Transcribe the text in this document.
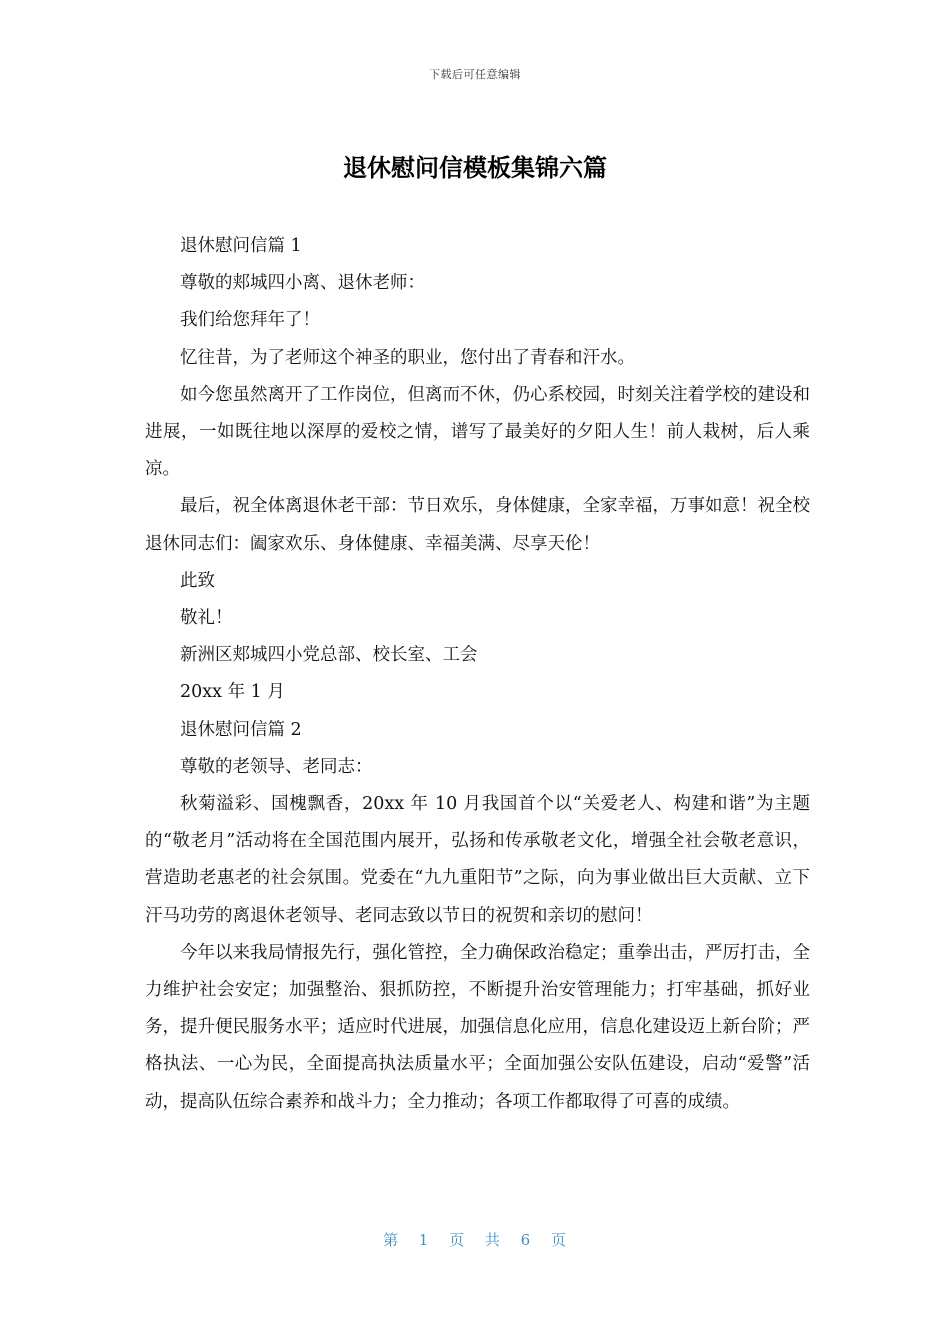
下载后可任意编辑
退休慰问信模板集锦六篇

退休慰问信篇 1

尊敬的郏城四小离、退休老师：

我们给您拜年了！

忆往昔，为了老师这个神圣的职业，您付出了青春和汗水。

如今您虽然离开了工作岗位，但离而不休，仍心系校园，时刻关注着学校的建设和进展，一如既往地以深厚的爱校之情，谱写了最美好的夕阳人生！前人栽树，后人乘凉。

最后，祝全体离退休老干部：节日欢乐，身体健康，全家幸福，万事如意！祝全校退休同志们：阖家欢乐、身体健康、幸福美满、尽享天伦！

此致

敬礼！

新洲区郏城四小党总部、校长室、工会

20xx 年 1 月

退休慰问信篇 2

尊敬的老领导、老同志：

秋菊溢彩、国槐飘香，20xx 年 10 月我国首个以“关爱老人、构建和谐”为主题的“敬老月”活动将在全国范围内展开，弘扬和传承敬老文化，增强全社会敬老意识，营造助老惠老的社会氛围。党委在“九九重阳节”之际，向为事业做出巨大贡献、立下汗马功劳的离退休老领导、老同志致以节日的祝贺和亲切的慰问！

今年以来我局情报先行，强化管控，全力确保政治稳定；重拳出击，严厉打击，全力维护社会安定；加强整治、狠抓防控，不断提升治安管理能力；打牢基础，抓好业务，提升便民服务水平；适应时代进展，加强信息化应用，信息化建设迈上新台阶；严格执法、一心为民，全面提高执法质量水平；全面加强公安队伍建设，启动“爱警”活动，提高队伍综合素养和战斗力；全力推动；各项工作都取得了可喜的成绩。

第 1 页 共 6 页
